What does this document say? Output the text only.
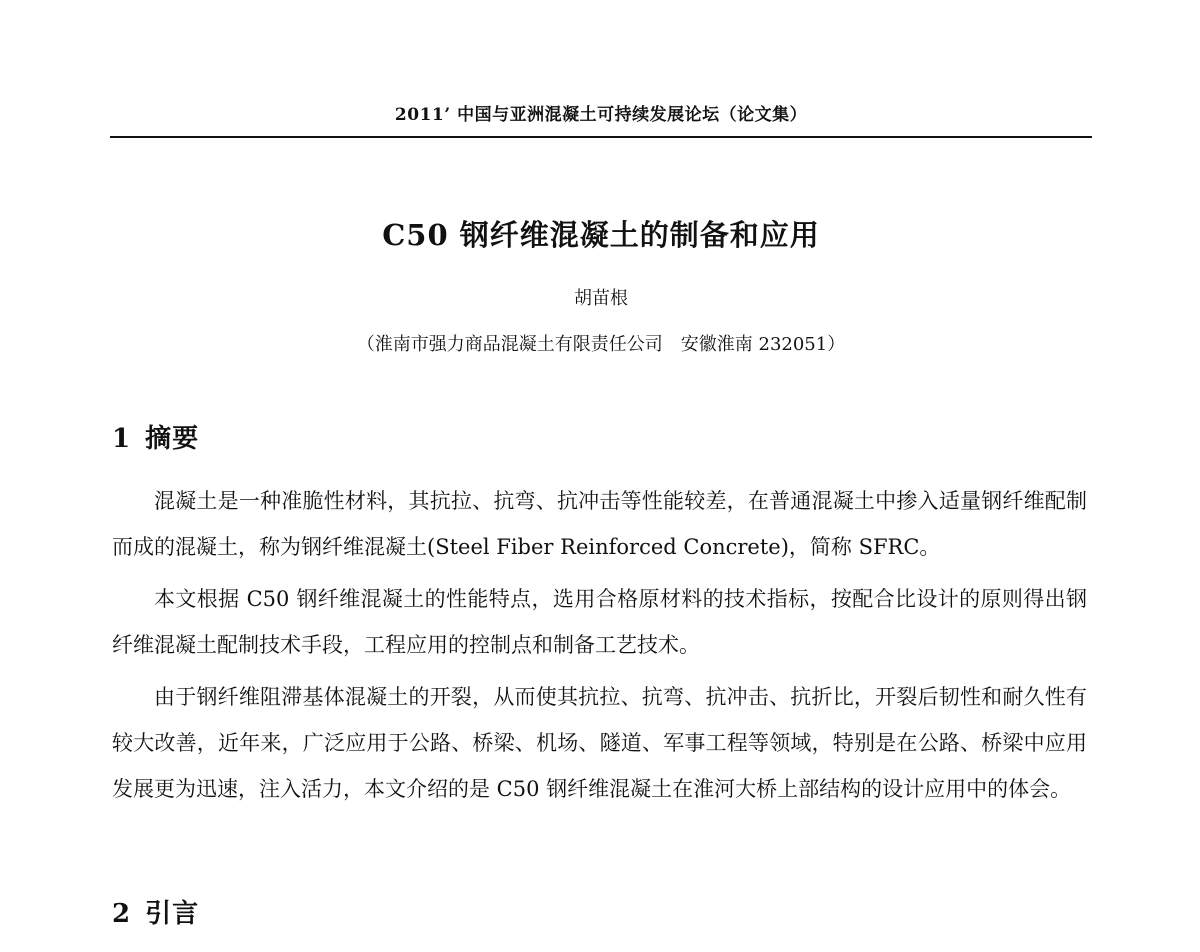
2011’ 中国与亚洲混凝土可持续发展论坛（论文集）
C50 钢纤维混凝土的制备和应用
胡苗根
（淮南市强力商品混凝土有限责任公司　安徽淮南 232051）
1 摘要

混凝土是一种准脆性材料，其抗拉、抗弯、抗冲击等性能较差，在普通混凝土中掺入适量钢纤维配制而成的混凝土，称为钢纤维混凝土(Steel Fiber Reinforced Concrete)，简称 SFRC。

本文根据 C50 钢纤维混凝土的性能特点，选用合格原材料的技术指标，按配合比设计的原则得出钢纤维混凝土配制技术手段，工程应用的控制点和制备工艺技术。

由于钢纤维阻滞基体混凝土的开裂，从而使其抗拉、抗弯、抗冲击、抗折比，开裂后韧性和耐久性有较大改善，近年来，广泛应用于公路、桥梁、机场、隧道、军事工程等领域，特别是在公路、桥梁中应用发展更为迅速，注入活力，本文介绍的是 C50 钢纤维混凝土在淮河大桥上部结构的设计应用中的体会。

2 引言
